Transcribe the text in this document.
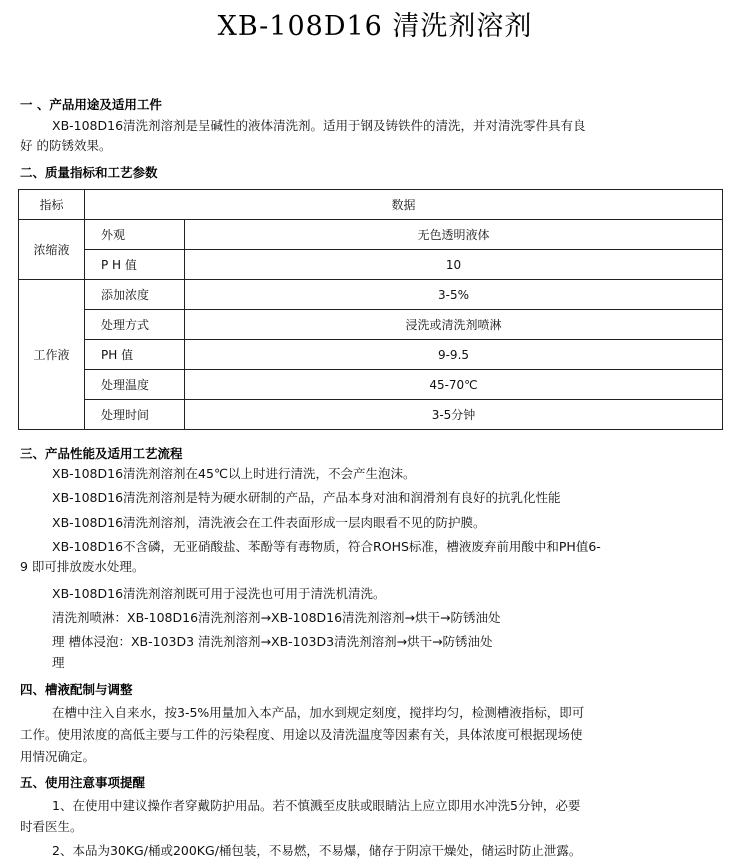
XB-108D16 清洗剂溶剂
一 、产品用途及适用工件
XB-108D16清洗剂溶剂是呈碱性的液体清洗剂。适用于钢及铸铁件的清洗，并对清洗零件具有良
好 的防锈效果。
二、质量指标和工艺参数
指标	数据	
浓缩液	外观	无色透明液体
	P H 值	10
工作液	添加浓度	3-5%
	处理方式	浸洗或清洗剂喷淋
	PH 值	9-9.5
	处理温度	45-70℃
	处理时间	3-5分钟
三、产品性能及适用工艺流程
XB-108D16清洗剂溶剂在45℃以上时进行清洗，不会产生泡沫。
XB-108D16清洗剂溶剂是特为硬水研制的产品，产品本身对油和润滑剂有良好的抗乳化性能
XB-108D16清洗剂溶剂，清洗液会在工件表面形成一层肉眼看不见的防护膜。
XB-108D16不含磷，无亚硝酸盐、苯酚等有毒物质，符合ROHS标准，槽液废弃前用酸中和PH值6-
9 即可排放废水处理。
XB-108D16清洗剂溶剂既可用于浸洗也可用于清洗机清洗。
清洗剂喷淋：XB-108D16清洗剂溶剂→XB-108D16清洗剂溶剂→烘干→防锈油处
理 槽体浸泡：XB-103D3 清洗剂溶剂→XB-103D3清洗剂溶剂→烘干→防锈油处
理
四、槽液配制与调整
在槽中注入自来水，按3-5%用量加入本产品，加水到规定刻度，搅拌均匀，检测槽液指标，即可
工作。使用浓度的高低主要与工件的污染程度、用途以及清洗温度等因素有关，具体浓度可根据现场使
用情况确定。
五、使用注意事项提醒
1、在使用中建议操作者穿戴防护用品。若不慎溅至皮肤或眼睛沾上应立即用水冲洗5分钟，必要
时看医生。
2、本品为30KG/桶或200KG/桶包装，不易燃，不易爆，储存于阴凉干燥处，储运时防止泄露。
